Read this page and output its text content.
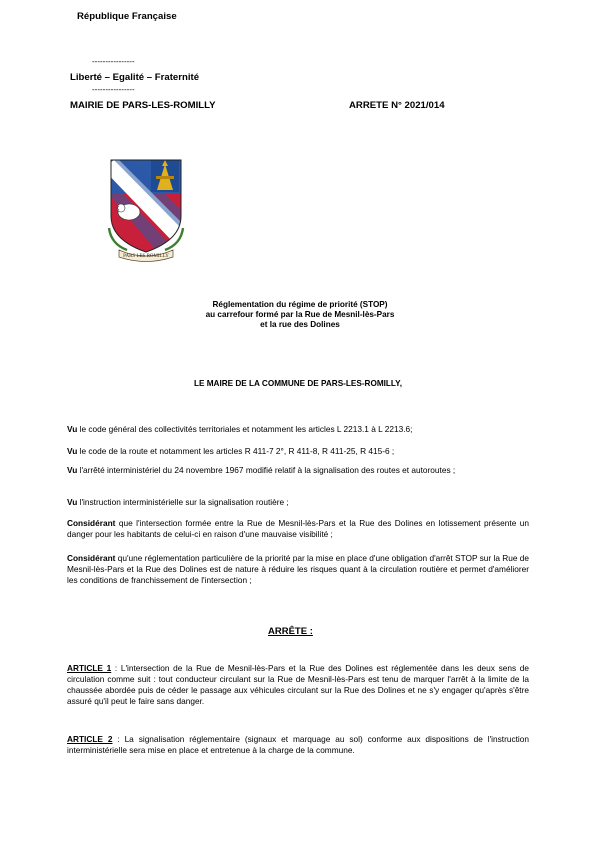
République Française
----------------
Liberté – Egalité – Fraternité
----------------
MAIRIE DE PARS-LES-ROMILLY	ARRETE N° 2021/014
PARS LES ROMILLY
Réglementation du régime de priorité (STOP)
au carrefour formé par la Rue de Mesnil-lès-Pars
et la rue des Dolines
LE MAIRE DE LA COMMUNE DE PARS-LES-ROMILLY,
Vu le code général des collectivités territoriales et notamment les articles L 2213.1 à L 2213.6;
Vu le code de la route et notamment les articles R 411-7 2°, R 411-8, R 411-25, R 415-6 ;
Vu l'arrêté interministériel du 24 novembre 1967 modifié relatif à la signalisation des routes et autoroutes ;
Vu l'instruction interministérielle sur la signalisation routière ;
Considérant que l'intersection formée entre la Rue de Mesnil-lès-Pars et la Rue des Dolines en lotissement présente un danger pour les habitants de celui-ci en raison d'une mauvaise visibilité ;
Considérant qu'une réglementation particulière de la priorité par la mise en place d'une obligation d'arrêt STOP sur la Rue de Mesnil-lès-Pars et la Rue des Dolines est de nature à réduire les risques quant à la circulation routière et permet d'améliorer les conditions de franchissement de l'intersection ;
ARRÊTE :
ARTICLE 1 : L'intersection de la Rue de Mesnil-lès-Pars et la Rue des Dolines est réglementée dans les deux sens de circulation comme suit : tout conducteur circulant sur la Rue de Mesnil-lès-Pars est tenu de marquer l'arrêt à la limite de la chaussée abordée puis de céder le passage aux véhicules circulant sur la Rue des Dolines et ne s'y engager qu'après s'être assuré qu'il peut le faire sans danger.
ARTICLE 2 : La signalisation réglementaire (signaux et marquage au sol) conforme aux dispositions de l'instruction interministérielle sera mise en place et entretenue à la charge de la commune.
